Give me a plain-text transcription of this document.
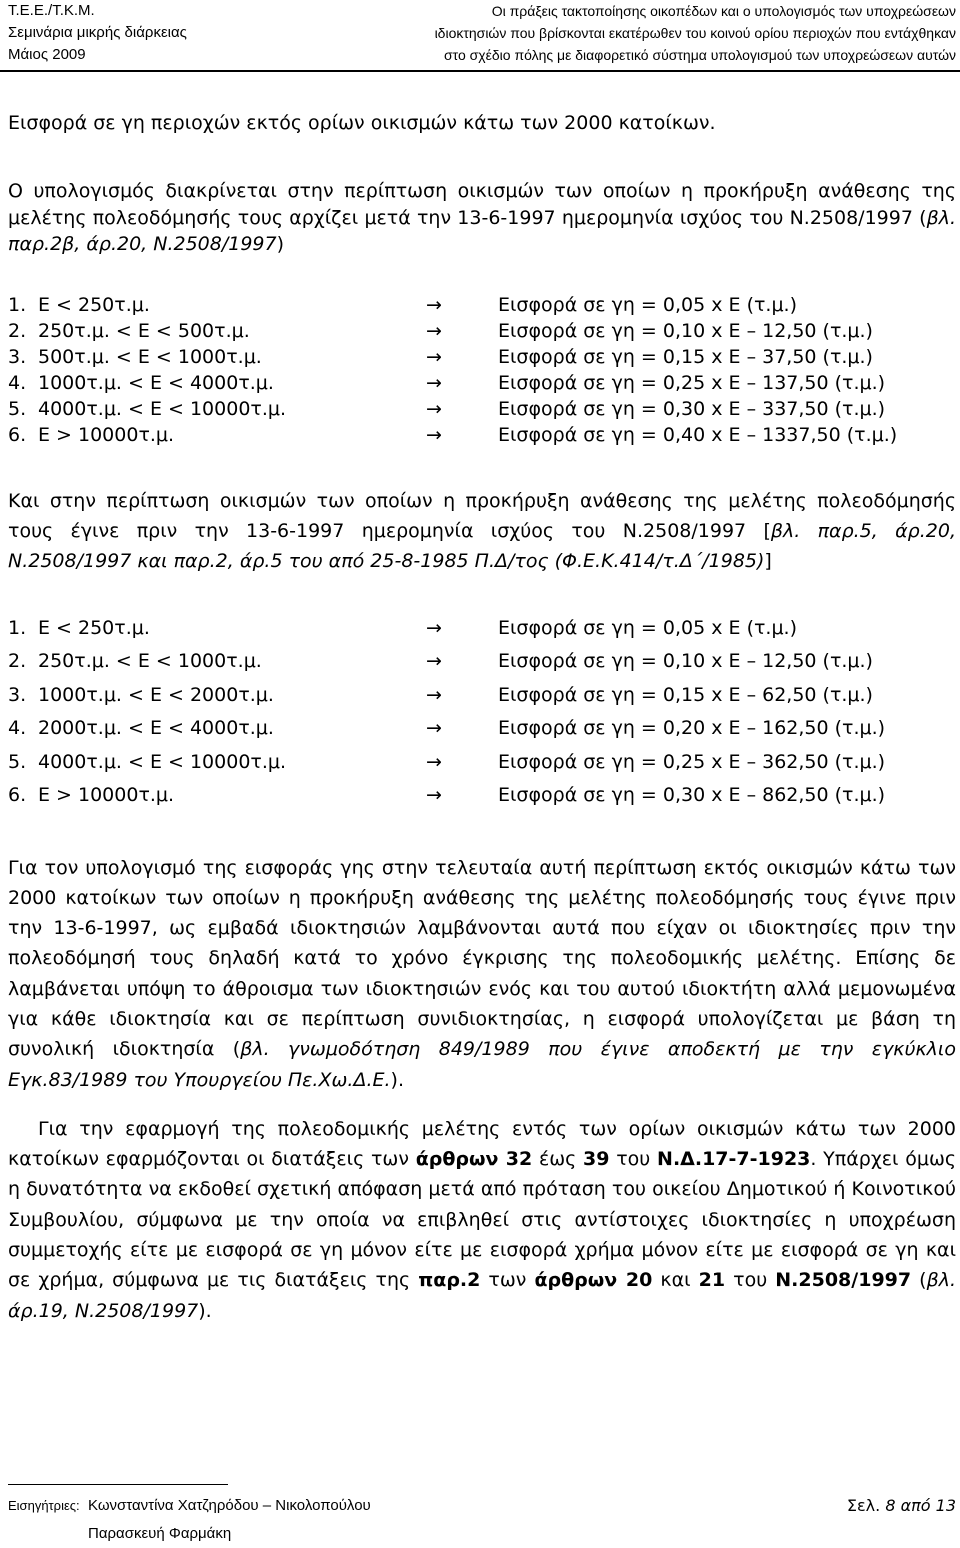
Τ.Ε.Ε./Τ.Κ.Μ.
Σεμινάρια μικρής διάρκειας
Μάιος 2009
Οι πράξεις τακτοποίησης οικοπέδων και ο υπολογισμός των υποχρεώσεων
ιδιοκτησιών που βρίσκονται εκατέρωθεν του κοινού ορίου περιοχών που εντάχθηκαν
στο σχέδιο πόλης με διαφορετικό σύστημα υπολογισμού των υποχρεώσεων αυτών

Εισφορά σε γη περιοχών εκτός ορίων οικισμών κάτω των 2000 κατοίκων.

Ο υπολογισμός διακρίνεται στην περίπτωση οικισμών των οποίων η προκήρυξη ανάθεσης της μελέτης πολεοδόμησής τους αρχίζει μετά την 13-6-1997 ημερομηνία ισχύος του Ν.2508/1997 (βλ. παρ.2β, άρ.20, Ν.2508/1997)

1. Ε < 250τ.μ.	→	Εισφορά σε γη = 0,05 x Ε (τ.μ.)
2. 250τ.μ. < Ε < 500τ.μ.	→	Εισφορά σε γη = 0,10 x Ε – 12,50 (τ.μ.)
3. 500τ.μ. < Ε < 1000τ.μ.	→	Εισφορά σε γη = 0,15 x Ε – 37,50 (τ.μ.)
4. 1000τ.μ. < Ε < 4000τ.μ.	→	Εισφορά σε γη = 0,25 x Ε – 137,50 (τ.μ.)
5. 4000τ.μ. < Ε < 10000τ.μ.	→	Εισφορά σε γη = 0,30 x Ε – 337,50 (τ.μ.)
6. Ε > 10000τ.μ.	→	Εισφορά σε γη = 0,40 x Ε – 1337,50 (τ.μ.)

Και στην περίπτωση οικισμών των οποίων η προκήρυξη ανάθεσης της μελέτης πολεοδόμησής τους έγινε πριν την 13-6-1997 ημερομηνία ισχύος του Ν.2508/1997 [βλ. παρ.5, άρ.20, Ν.2508/1997 και παρ.2, άρ.5 του από 25-8-1985 Π.Δ/τος (Φ.Ε.Κ.414/τ.Δ΄/1985)]

1. Ε < 250τ.μ.	→	Εισφορά σε γη = 0,05 x Ε (τ.μ.)
2. 250τ.μ. < Ε < 1000τ.μ.	→	Εισφορά σε γη = 0,10 x Ε – 12,50 (τ.μ.)
3. 1000τ.μ. < Ε < 2000τ.μ.	→	Εισφορά σε γη = 0,15 x Ε – 62,50 (τ.μ.)
4. 2000τ.μ. < Ε < 4000τ.μ.	→	Εισφορά σε γη = 0,20 x Ε – 162,50 (τ.μ.)
5. 4000τ.μ. < Ε < 10000τ.μ.	→	Εισφορά σε γη = 0,25 x Ε – 362,50 (τ.μ.)
6. Ε > 10000τ.μ.	→	Εισφορά σε γη = 0,30 x Ε – 862,50 (τ.μ.)

Για τον υπολογισμό της εισφοράς γης στην τελευταία αυτή περίπτωση εκτός οικισμών κάτω των 2000 κατοίκων των οποίων η προκήρυξη ανάθεσης της μελέτης πολεοδόμησής τους έγινε πριν την 13-6-1997, ως εμβαδά ιδιοκτησιών λαμβάνονται αυτά που είχαν οι ιδιοκτησίες πριν την πολεοδόμησή τους δηλαδή κατά το χρόνο έγκρισης της πολεοδομικής μελέτης. Επίσης δε λαμβάνεται υπόψη το άθροισμα των ιδιοκτησιών ενός και του αυτού ιδιοκτήτη αλλά μεμονωμένα για κάθε ιδιοκτησία και σε περίπτωση συνιδιοκτησίας, η εισφορά υπολογίζεται με βάση τη συνολική ιδιοκτησία (βλ. γνωμοδότηση 849/1989 που έγινε αποδεκτή με την εγκύκλιο Εγκ.83/1989 του Υπουργείου Πε.Χω.Δ.Ε.).

Για την εφαρμογή της πολεοδομικής μελέτης εντός των ορίων οικισμών κάτω των 2000 κατοίκων εφαρμόζονται οι διατάξεις των άρθρων 32 έως 39 του Ν.Δ.17-7-1923. Υπάρχει όμως η δυνατότητα να εκδοθεί σχετική απόφαση μετά από πρόταση του οικείου Δημοτικού ή Κοινοτικού Συμβουλίου, σύμφωνα με την οποία να επιβληθεί στις αντίστοιχες ιδιοκτησίες η υποχρέωση συμμετοχής είτε με εισφορά σε γη μόνον είτε με εισφορά χρήμα μόνον είτε με εισφορά σε γη και σε χρήμα, σύμφωνα με τις διατάξεις της παρ.2 των άρθρων 20 και 21 του Ν.2508/1997 (βλ. άρ.19, Ν.2508/1997).

Εισηγήτριες: Κωνσταντίνα Χατζηρόδου – Νικολοπούλου	Σελ. 8 από 13
Παρασκευή Φαρμάκη
